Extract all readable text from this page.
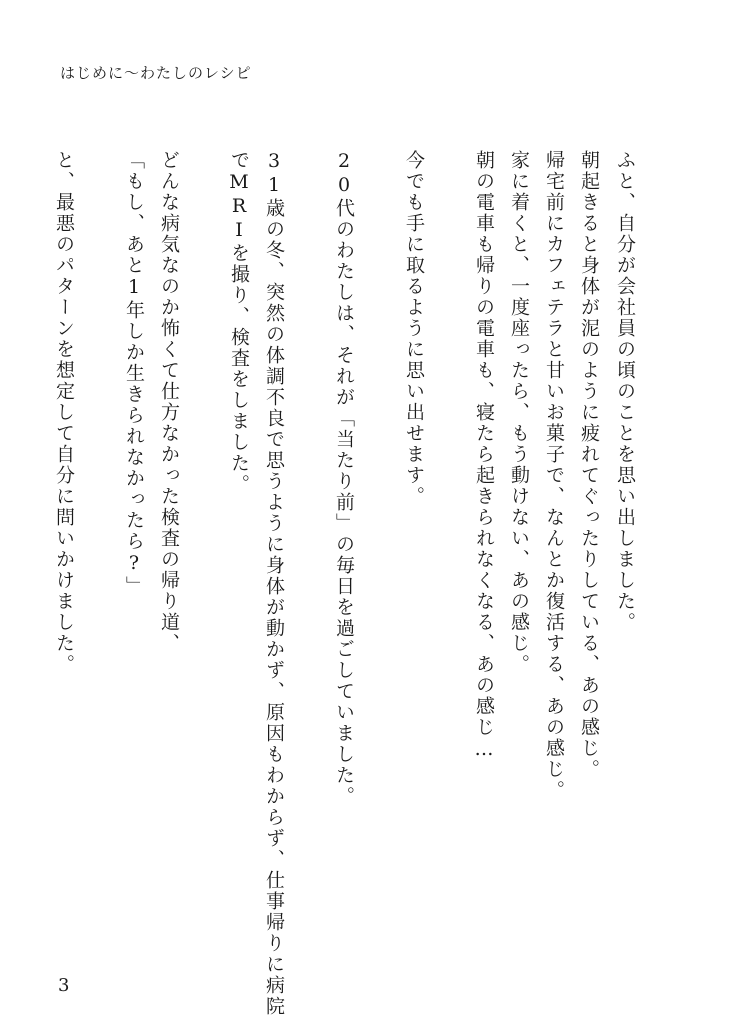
はじめに〜わたしのレシピ
ふと、自分が会社員の頃のことを思い出しました。
朝起きると身体が泥のように疲れてぐったりしている、あの感じ。
帰宅前にカフェテラと甘いお菓子で、なんとか復活する、あの感じ。
家に着くと、一度座ったら、もう動けない、あの感じ。
朝の電車も帰りの電車も、寝たら起きられなくなる、あの感じ…
今でも手に取るように思い出せます。
20代のわたしは、それが「当たり前」の毎日を過ごしていました。
31歳の冬、突然の体調不良で思うように身体が動かず、原因もわからず、仕事帰りに病院
でMRIを撮り、検査をしました。
どんな病気なのか怖くて仕方なかった検査の帰り道、
「もし、あと1年しか生きられなかったら?」
と、最悪のパターンを想定して自分に問いかけました。
3
